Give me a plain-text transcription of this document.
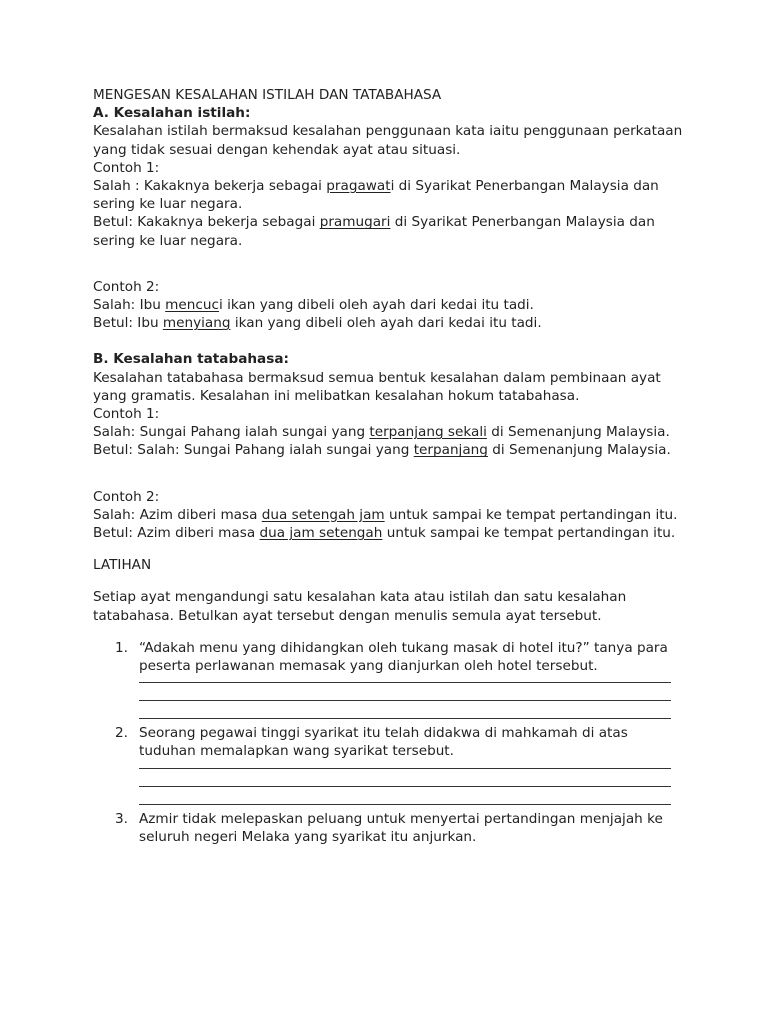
MENGESAN KESALAHAN ISTILAH DAN TATABAHASA

A. Kesalahan istilah:

Kesalahan istilah bermaksud kesalahan penggunaan kata iaitu penggunaan perkataan yang tidak sesuai dengan kehendak ayat atau situasi.

Contoh 1:

Salah : Kakaknya bekerja sebagai pragawati di Syarikat Penerbangan Malaysia dan sering ke luar negara.

Betul: Kakaknya bekerja sebagai pramugari di Syarikat Penerbangan Malaysia dan sering ke luar negara.

Contoh 2:

Salah: Ibu mencuci ikan yang dibeli oleh ayah dari kedai itu tadi.

Betul: Ibu menyiang ikan yang dibeli oleh ayah dari kedai itu tadi.

B. Kesalahan tatabahasa:

Kesalahan tatabahasa bermaksud semua bentuk kesalahan dalam pembinaan ayat yang gramatis. Kesalahan ini melibatkan kesalahan hokum tatabahasa.

Contoh 1:

Salah: Sungai Pahang ialah sungai yang terpanjang sekali di Semenanjung Malaysia.

Betul: Salah: Sungai Pahang ialah sungai yang terpanjang di Semenanjung Malaysia.

Contoh 2:

Salah: Azim diberi masa dua setengah jam untuk sampai ke tempat pertandingan itu.

Betul: Azim diberi masa dua jam setengah untuk sampai ke tempat pertandingan itu.

LATIHAN

Setiap ayat mengandungi satu kesalahan kata atau istilah dan satu kesalahan tatabahasa. Betulkan ayat tersebut dengan menulis semula ayat tersebut.

1. “Adakah menu yang dihidangkan oleh tukang masak di hotel itu?” tanya para peserta perlawanan memasak yang dianjurkan oleh hotel tersebut.
2. Seorang pegawai tinggi syarikat itu telah didakwa di mahkamah di atas tuduhan memalapkan wang syarikat tersebut.
3. Azmir tidak melepaskan peluang untuk menyertai pertandingan menjajah ke seluruh negeri Melaka yang syarikat itu anjurkan.
